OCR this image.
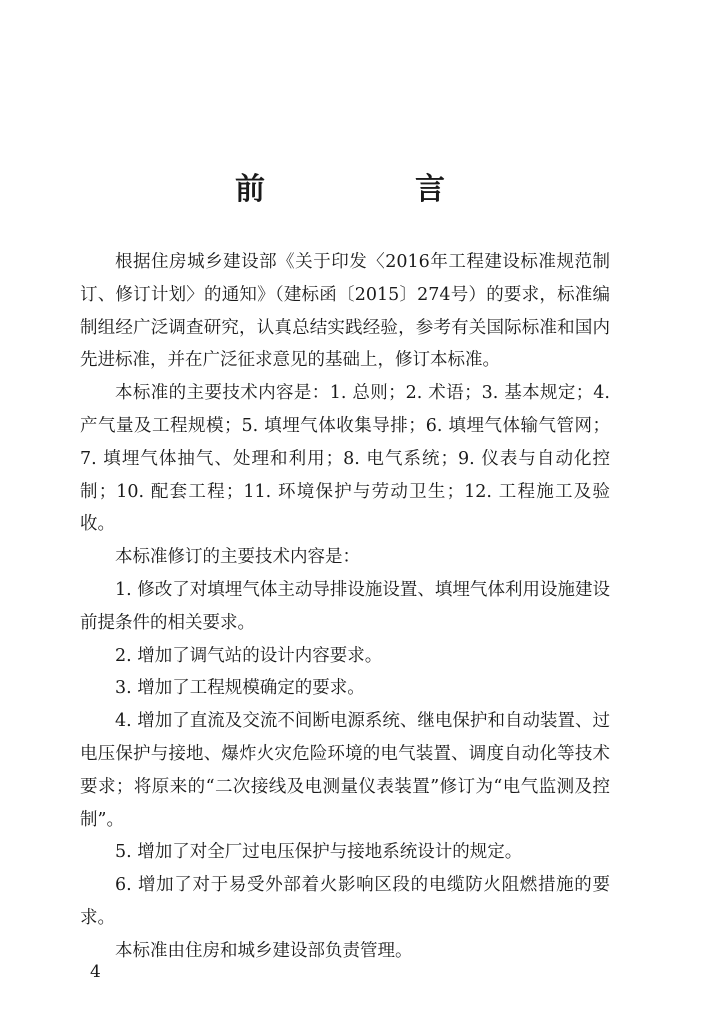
前　言

根据住房城乡建设部《关于印发〈2016年工程建设标准规范制订、修订计划〉的通知》（建标函〔2015〕274号）的要求，标准编制组经广泛调查研究，认真总结实践经验，参考有关国际标准和国内先进标准，并在广泛征求意见的基础上，修订本标准。

本标准的主要技术内容是：1. 总则；2. 术语；3. 基本规定；4. 产气量及工程规模；5. 填埋气体收集导排；6. 填埋气体输气管网；7. 填埋气体抽气、处理和利用；8. 电气系统；9. 仪表与自动化控制；10. 配套工程；11. 环境保护与劳动卫生；12. 工程施工及验收。

本标准修订的主要技术内容是：

1. 修改了对填埋气体主动导排设施设置、填埋气体利用设施建设前提条件的相关要求。

2. 增加了调气站的设计内容要求。

3. 增加了工程规模确定的要求。

4. 增加了直流及交流不间断电源系统、继电保护和自动装置、过电压保护与接地、爆炸火灾危险环境的电气装置、调度自动化等技术要求；将原来的“二次接线及电测量仪表装置”修订为“电气监测及控制”。

5. 增加了对全厂过电压保护与接地系统设计的规定。

6. 增加了对于易受外部着火影响区段的电缆防火阻燃措施的要求。

本标准由住房和城乡建设部负责管理。

4
